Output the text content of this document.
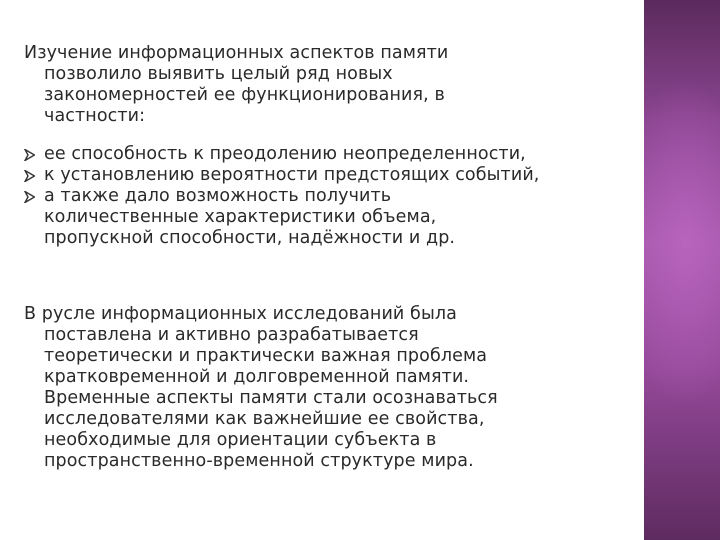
Изучение информационных аспектов памяти
позволило выявить целый ряд новых
закономерностей ее функционирования, в
частности:
ее способность к преодолению неопределенности,
к установлению вероятности предстоящих событий,
а также дало возможность получить
количественные характеристики объема,
пропускной способности, надёжности и др.
В русле информационных исследований была
поставлена и активно разрабатывается
теоретически и практически важная проблема
кратковременной и долговременной памяти.
Временные аспекты памяти стали осознаваться
исследователями как важнейшие ее свойства,
необходимые для ориентации субъекта в
пространственно-временной структуре мира.
